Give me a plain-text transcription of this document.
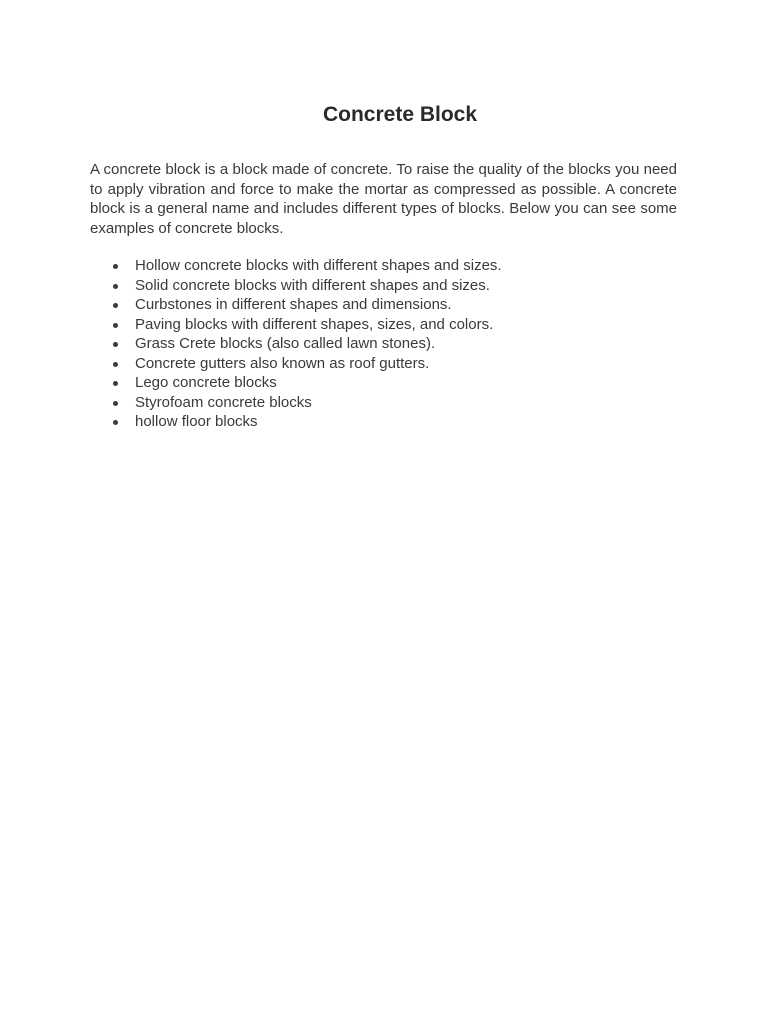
Concrete Block

A concrete block is a block made of concrete. To raise the quality of the blocks you need to apply vibration and force to make the mortar as compressed as possible. A concrete block is a general name and includes different types of blocks. Below you can see some examples of concrete blocks.

Hollow concrete blocks with different shapes and sizes.
Solid concrete blocks with different shapes and sizes.
Curbstones in different shapes and dimensions.
Paving blocks with different shapes, sizes, and colors.
Grass Crete blocks (also called lawn stones).
Concrete gutters also known as roof gutters.
Lego concrete blocks
Styrofoam concrete blocks
hollow floor blocks
